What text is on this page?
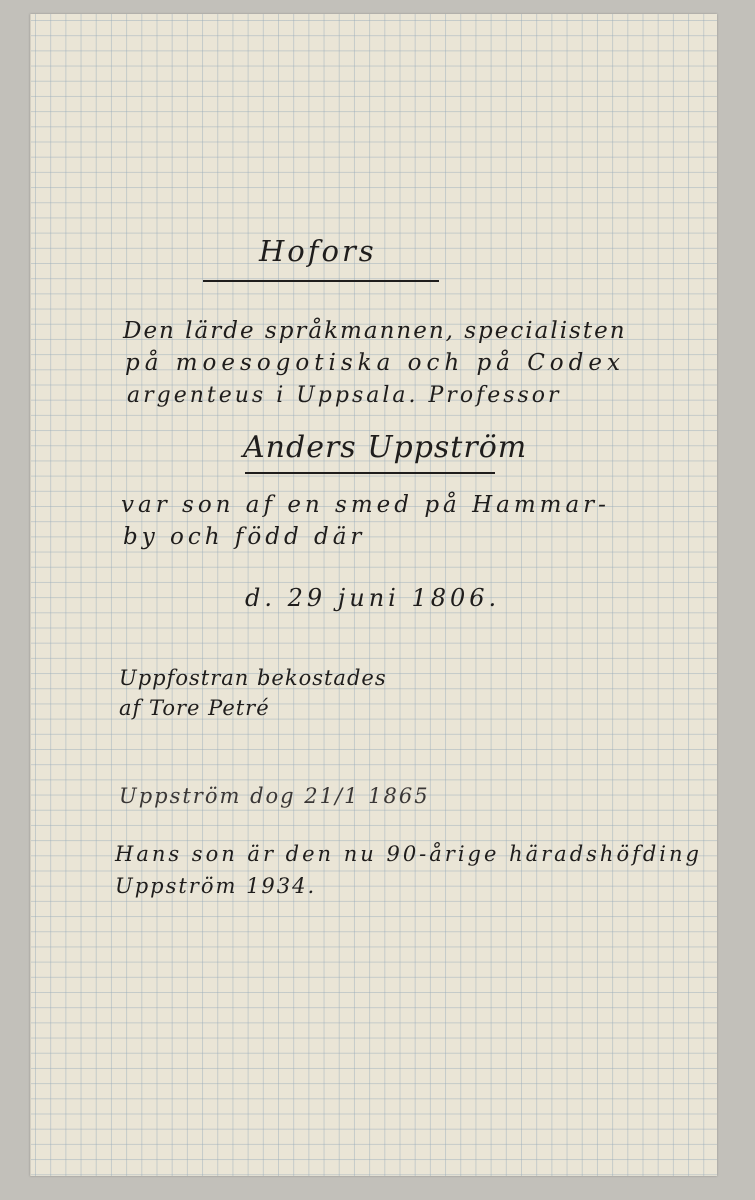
Hofors
Den lärde språkmannen, specialisten
på moesogotiska och på Codex
argenteus i Uppsala. Professor
Anders Uppström
var son af en smed på Hammar-
by och född där
d. 29 juni 1806.
Uppfostran bekostades
af Tore Petré
Uppström dog 21/1 1865
Hans son är den nu 90-årige häradshöfding
Uppström 1934.
